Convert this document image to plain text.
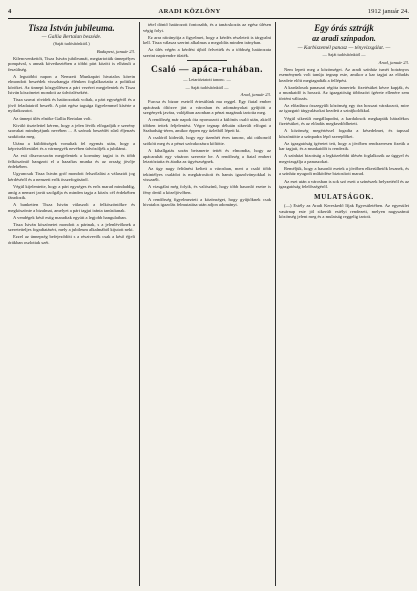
4	ARADI KÖZLÖNY	1912 január 24.
Tisza István jubileuma.
— Gallia Bertalan beszéde.
(Saját tudósítónktól.)

Budapest, január 23.

Kilencvenkettőt, Tisza István jubileumát, megtartották ünnepélyes pompával, s annak következtében a többi párt között is elhárult a feszültség.

A legutóbbi napon a Nemzeti Munkapárt hivatalos körein elmondott beszédek visszhangja élénken foglalkoztatta a politikai köröket. Az ünnepi közgyűlésen a párt vezérei megjelentek és Tisza István köszönetet mondott az üdvözlésekért.

Tisza szavai rövidek és határozottak voltak, a párt egységéről és a jövő feladatairól beszélt. A párt egész tagsága figyelemmel kísérte a nyilatkozatot.

Az ünnepi ülés elnöke Gallia Bertalan volt.

Kiváló tisztelettel kérem, hogy a jelen lévők elfogadják e szerény szavakat mindnyájunk nevében ... A szónok beszédét sűrű éljenzés szakította meg.

Utána a küldöttségek vonultak fel egymás után, hogy a képviselőtestület és a vármegyék nevében üdvözöljék a jubilánst.

Az esti díszvacsorán megjelentek a kormány tagjai is és több felköszöntő hangzott el a hazafias munka és az ország jövője érdekében.

Ugyancsak Tisza István gróf mondott felszólalást a választói jog kérdéséről és a nemzeti erők összefogásáról.

Végül kijelentette, hogy a párt egységes és erős marad mindaddig, amíg a nemzet javát szolgálja és minden tagja a közös cél érdekében fáradozik.

A banketten Tisza István válaszolt a felköszöntőkre és megköszönte a bizalmat, amelyet a párt tagjai iránta tanúsítanak.

A vendégek késő estig maradtak együtt a legjobb hangulatban.

Tisza István köszönetet mondott a pártnak, s a jelenlévőknek a szeretetteljes fogadtatásért, mely a jubileum alkalmából kijutott neki.

Ezzel az ünnepség befejeződött s a résztvevők csak a késő éjjeli órákban oszlottak szét.

tétel döntő határozott fontosabb, és a tanácskozás az egész ülésen végig folyt.

Ez arra ráirányítja a figyelmet, hogy a kérdés részleteit is tárgyalni kell. Tisza válasza szerint alkalmas a megoldás minden irányban.

Az ülés végén a kérdést újból felvették és a többség határozata szerint napirendre tűzték.

Csaló — apáca-ruhában.
— Letartóztatott tanonc. —
— Saját tudósítónktól —

Arad, január 23.

Furcsa és bizarr esetről értesülünk ma reggel. Egy fiatal ember apácának öltözve járt a városban és adományokat gyűjtött a szegények javára, valójában azonban a pénzt magának tartotta meg.

A rendőrség már napok óta nyomozott a különös csaló után, akiről többen tettek feljelentést. Végre tegnap délután sikerült elfogni a Szabadság-téren, amikor éppen egy üzletből lépett ki.

A csalóról kiderült, hogy egy tizenhét éves tanonc, aki otthonról szökött meg és a pénzt szórakozásra költötte.

A kihallgatás során beismerte tettét és elmondta, hogy az apácaruhát egy vásáron szerezte be. A rendőrség a fiatal embert letartóztatta és átadta az ügyészségnek.

Az ügy nagy feltűnést keltett a városban, mert a csaló több tekintélyes családot is megkárosított és hamis igazolványokkal is visszaélt.

A vizsgálat még folyik, és valószínű, hogy több hasonló esetre is fény derül a közeljövőben.

A rendőrség figyelmezteti a közönséget, hogy gyűjtőknek csak hivatalos igazolás felmutatása után adjon adományt.

Egy órás sztrájk
az aradi színpadon.
— Karbiszemél panasz — tényvizsgálat. —
— Saját tudósítónktól —

Arad, január 23.

Nem lepett meg a közönséget. Az aradi színház ismét botrányos eseménynek volt tanúja tegnap este, amikor a kar tagjai az előadás kezdete előtt megtagadták a fellépést.

A kardalosok panaszai régóta ismertek: fizetésüket késve kapják, és a munkaidő is hosszú. Az igazgatóság többszöri ígérete ellenére sem történt változás.

Az előadásra összegyűlt közönség egy óra hosszat várakozott, mire az igazgató tárgyalásokat kezdett a sztrájkolókkal.

Végül sikerült megállapodni, a kardalosok megkapták hátralékos fizetésüket, és az előadás megkezdődhetett.

A közönség megértéssel fogadta a késedelmet, és tapssal köszöntötte a színpadra lépő szereplőket.

Az igazgatóság ígéretet tett, hogy a jövőben rendszeresen fizetik a kar tagjait, és a munkaidőt is rendezik.

A színházi bizottság a legközelebbi ülésén foglalkozik az üggyel és megvizsgálja a panaszokat.

Reméljük, hogy a hasonló esetek a jövőben elkerülhetők lesznek, és a színház nyugodt működése biztosított marad.

Az eset után a városban is sok szó esett a színészek helyzetéről és az igazgatóság felelősségéről.

MULATSÁGOK.

(—) Estély az Aradi Kereskedő Ifjak Egyesületében. Az egyesület vasárnap este jól sikerült estélyt rendezett, melyen nagyszámú közönség jelent meg és a mulatság reggelig tartott.
